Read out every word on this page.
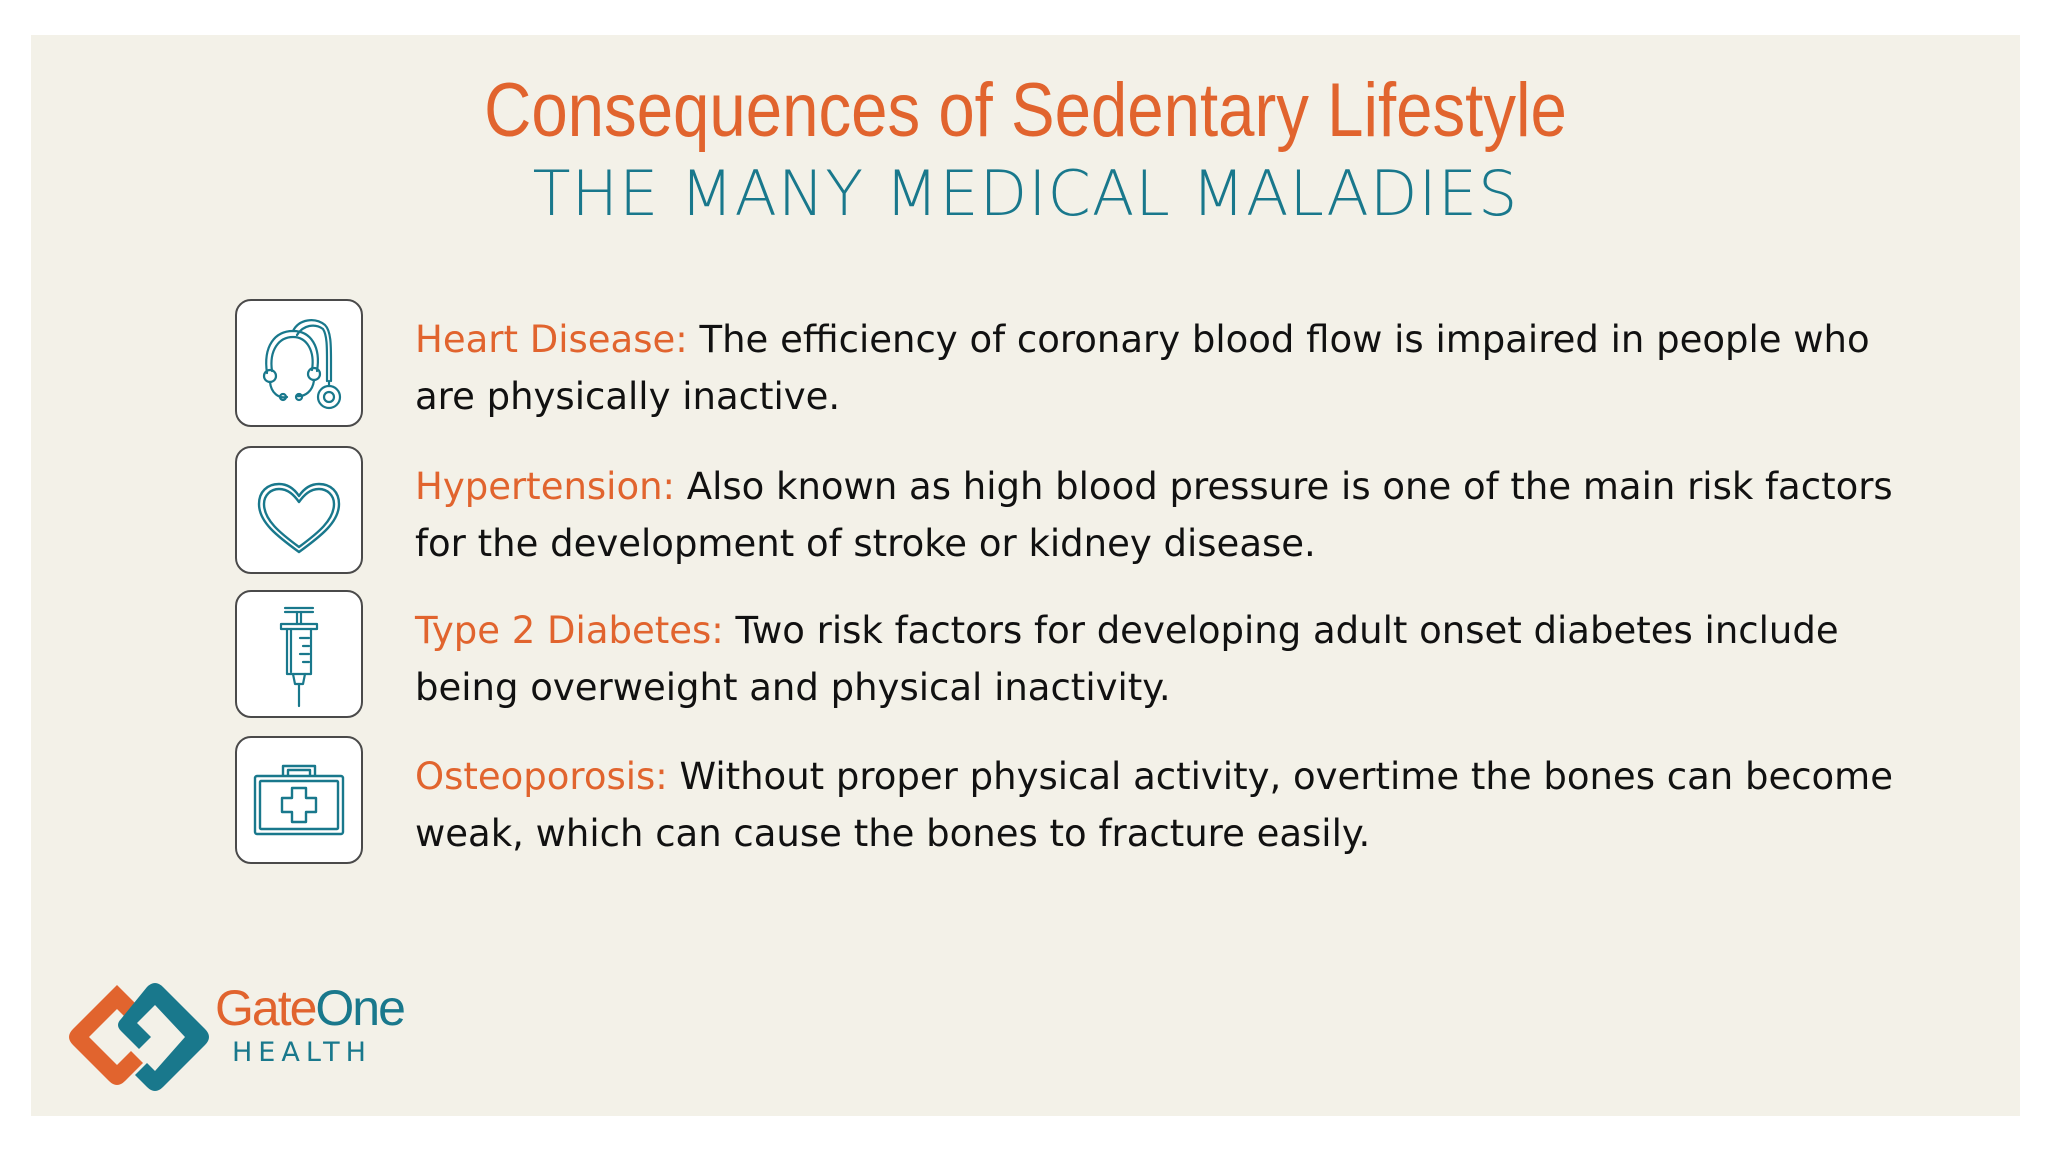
Consequences of Sedentary Lifestyle
THE MANY MEDICAL MALADIES
Heart Disease: The efficiency of coronary blood flow is impaired in people who are physically inactive.
Hypertension: Also known as high blood pressure is one of the main risk factors for the development of stroke or kidney disease.
Type 2 Diabetes: Two risk factors for developing adult onset diabetes include being overweight and physical inactivity.
Osteoporosis: Without proper physical activity, overtime the bones can become weak, which can cause the bones to fracture easily.
GateOne
HEALTH
